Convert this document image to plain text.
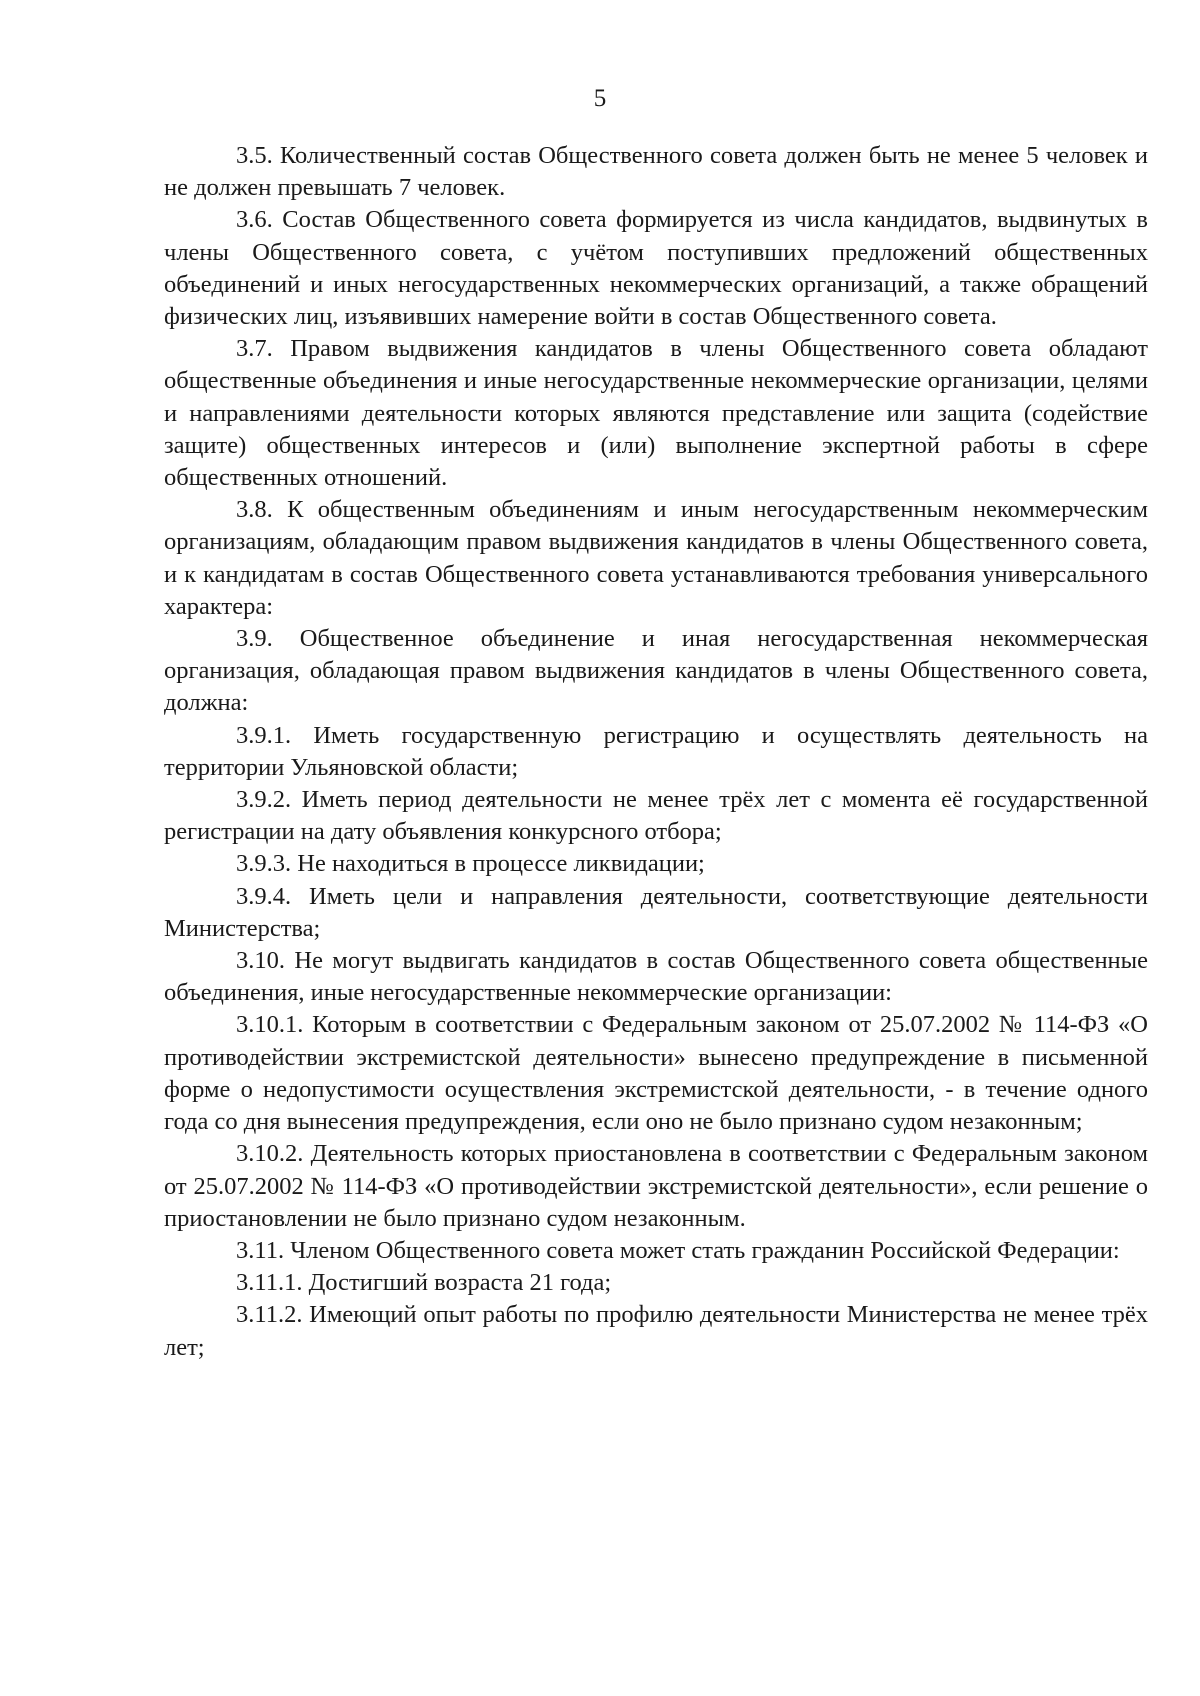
5

3.5. Количественный состав Общественного совета должен быть не менее 5 человек и не должен превышать 7 человек.

3.6. Состав Общественного совета формируется из числа кандидатов, выдвинутых в члены Общественного совета, с учётом поступивших предложений общественных объединений и иных негосударственных некоммерческих организаций, а также обращений физических лиц, изъявивших намерение войти в состав Общественного совета.

3.7. Правом выдвижения кандидатов в члены Общественного совета обладают общественные объединения и иные негосударственные некоммерческие организации, целями и направлениями деятельности которых являются представление или защита (содействие защите) общественных интересов и (или) выполнение экспертной работы в сфере общественных отношений.

3.8. К общественным объединениям и иным негосударственным некоммерческим организациям, обладающим правом выдвижения кандидатов в члены Общественного совета, и к кандидатам в состав Общественного совета устанавливаются требования универсального характера:

3.9. Общественное объединение и иная негосударственная некоммерческая организация, обладающая правом выдвижения кандидатов в члены Общественного совета, должна:

3.9.1. Иметь государственную регистрацию и осуществлять деятельность на территории Ульяновской области;

3.9.2. Иметь период деятельности не менее трёх лет с момента её государственной регистрации на дату объявления конкурсного отбора;

3.9.3. Не находиться в процессе ликвидации;

3.9.4. Иметь цели и направления деятельности, соответствующие деятельности Министерства;

3.10. Не могут выдвигать кандидатов в состав Общественного совета общественные объединения, иные негосударственные некоммерческие организации:

3.10.1. Которым в соответствии с Федеральным законом от 25.07.2002 № 114-ФЗ «О противодействии экстремистской деятельности» вынесено предупреждение в письменной форме о недопустимости осуществления экстремистской деятельности, - в течение одного года со дня вынесения предупреждения, если оно не было признано судом незаконным;

3.10.2. Деятельность которых приостановлена в соответствии с Федеральным законом от 25.07.2002 № 114-ФЗ «О противодействии экстремистской деятельности», если решение о приостановлении не было признано судом незаконным.

3.11. Членом Общественного совета может стать гражданин Российской Федерации:

3.11.1. Достигший возраста 21 года;

3.11.2. Имеющий опыт работы по профилю деятельности Министерства не менее трёх лет;
